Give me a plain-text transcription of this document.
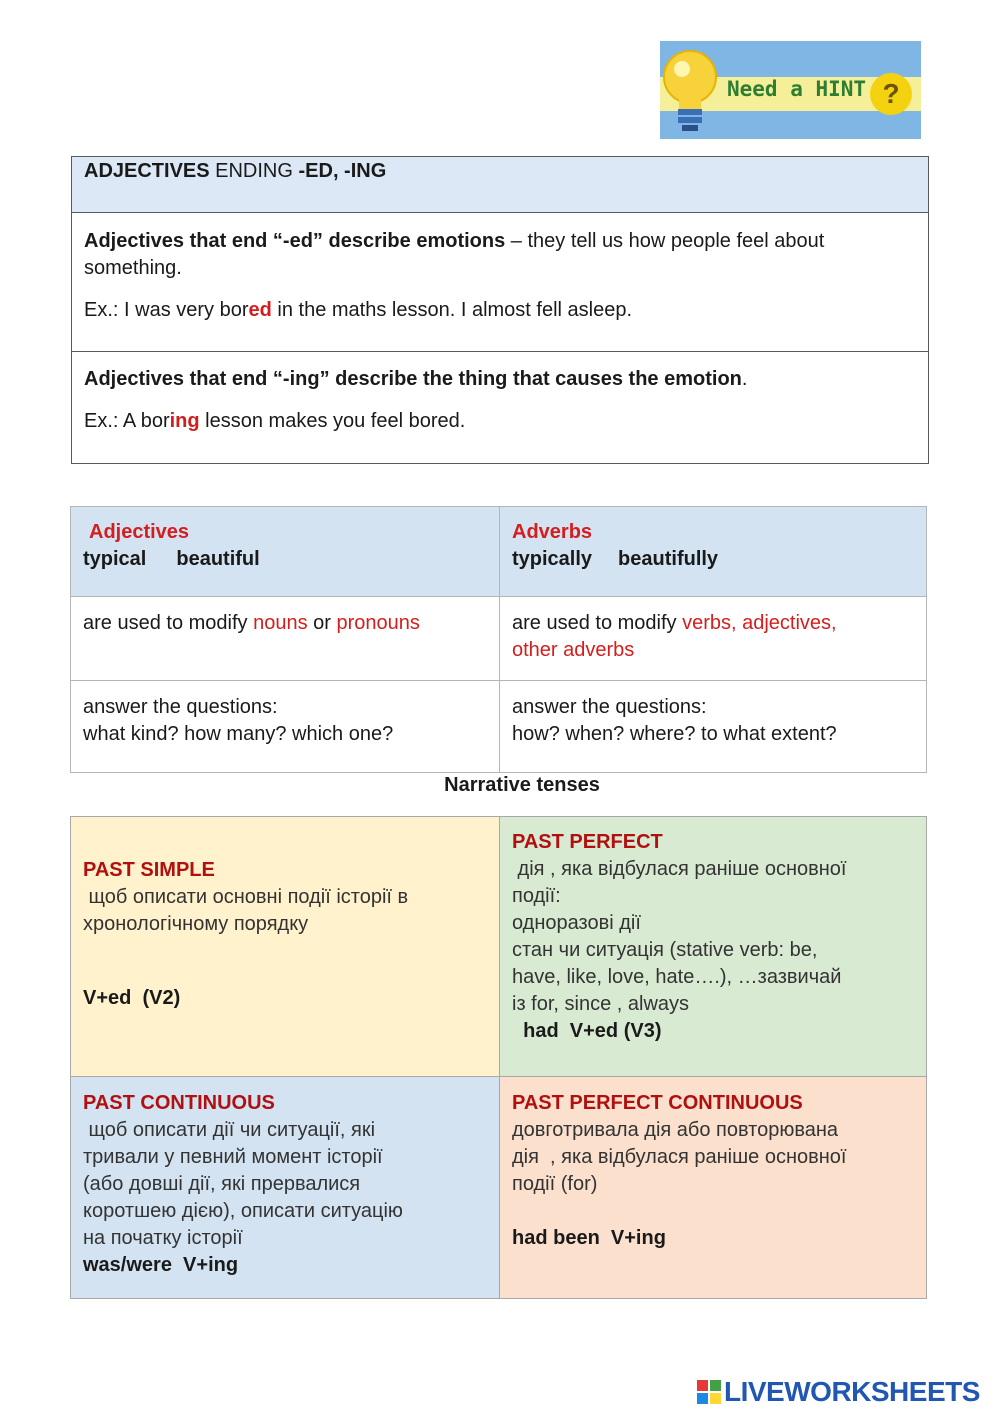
Need a HINT ?
ADJECTIVES ENDING -ED, -ING

Adjectives that end “-ed” describe emotions – they tell us how people feel about something.

Ex.: I was very bored in the maths lesson. I almost fell asleep.

Adjectives that end “-ing” describe the thing that causes the emotion.

Ex.: A boring lesson makes you feel bored.

Adjectives
typical beautiful
Adverbs
typically beautifully
are used to modify nouns or pronouns	are used to modify verbs, adjectives,
other adverbs
answer the questions:
what kind? how many? which one?
answer the questions:
how? when? where? to what extent?
Narrative tenses
PAST SIMPLE
щоб описати основні події історії в
хронологічному порядку
V+ed  (V2)
PAST PERFECT
дія , яка відбулася раніше основної
події:
одноразові дії
стан чи ситуація (stative verb: be,
have, like, love, hate….), …зазвичай
із for, since , always
had  V+ed (V3)
PAST CONTINUOUS
щоб описати дії чи ситуації, які
тривали у певний момент історії
(або довші дії, які прервалися
коротшею дією), описати ситуацію
на початку історії
was/were  V+ing
PAST PERFECT CONTINUOUS
довготривала дія або повторювана
дія  , яка відбулася раніше основної
події (for)
had been  V+ing
LIVEWORKSHEETS
